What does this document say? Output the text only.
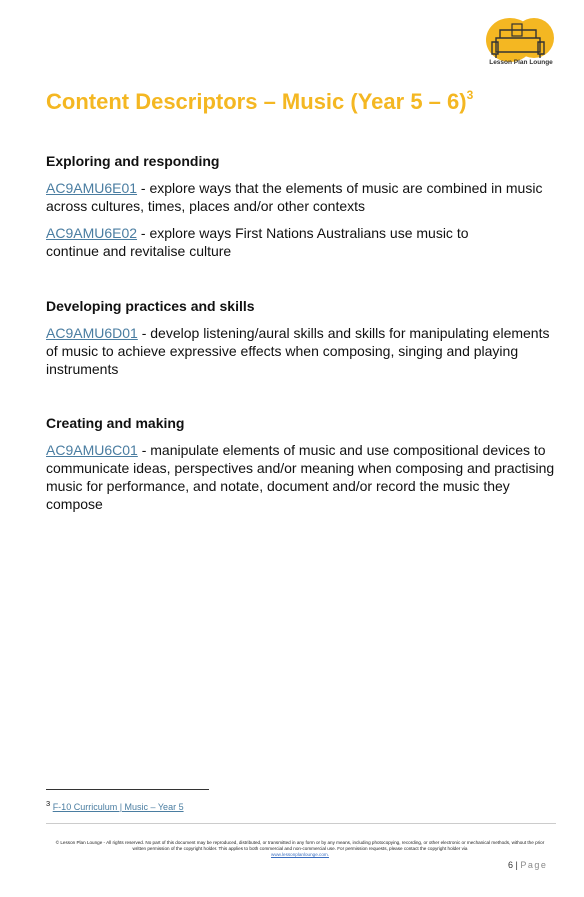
Lesson Plan Lounge
Content Descriptors – Music (Year 5 – 6)$^3$
Exploring and responding

AC9AMU6E01 - explore ways that the elements of music are combined in music across cultures, times, places and/or other contexts

AC9AMU6E02 - explore ways First Nations Australians use music to continue and revitalise culture

Developing practices and skills

AC9AMU6D01 - develop listening/aural skills and skills for manipulating elements of music to achieve expressive effects when composing, singing and playing instruments

Creating and making

AC9AMU6C01 - manipulate elements of music and use compositional devices to communicate ideas, perspectives and/or meaning when composing and practising music for performance, and notate, document and/or record the music they compose

$^3$ F-10 Curriculum | Music – Year 5
© Lesson Plan Lounge - All rights reserved. No part of this document may be reproduced, distributed, or transmitted in any form or by any means, including photocopying, recording, or other electronic or mechanical methods, without the prior written permission of the copyright holder. This applies to both commercial and non-commercial use. For permission requests, please contact the copyright holder via
www.lessonplanlounge.com.
6 | Page
